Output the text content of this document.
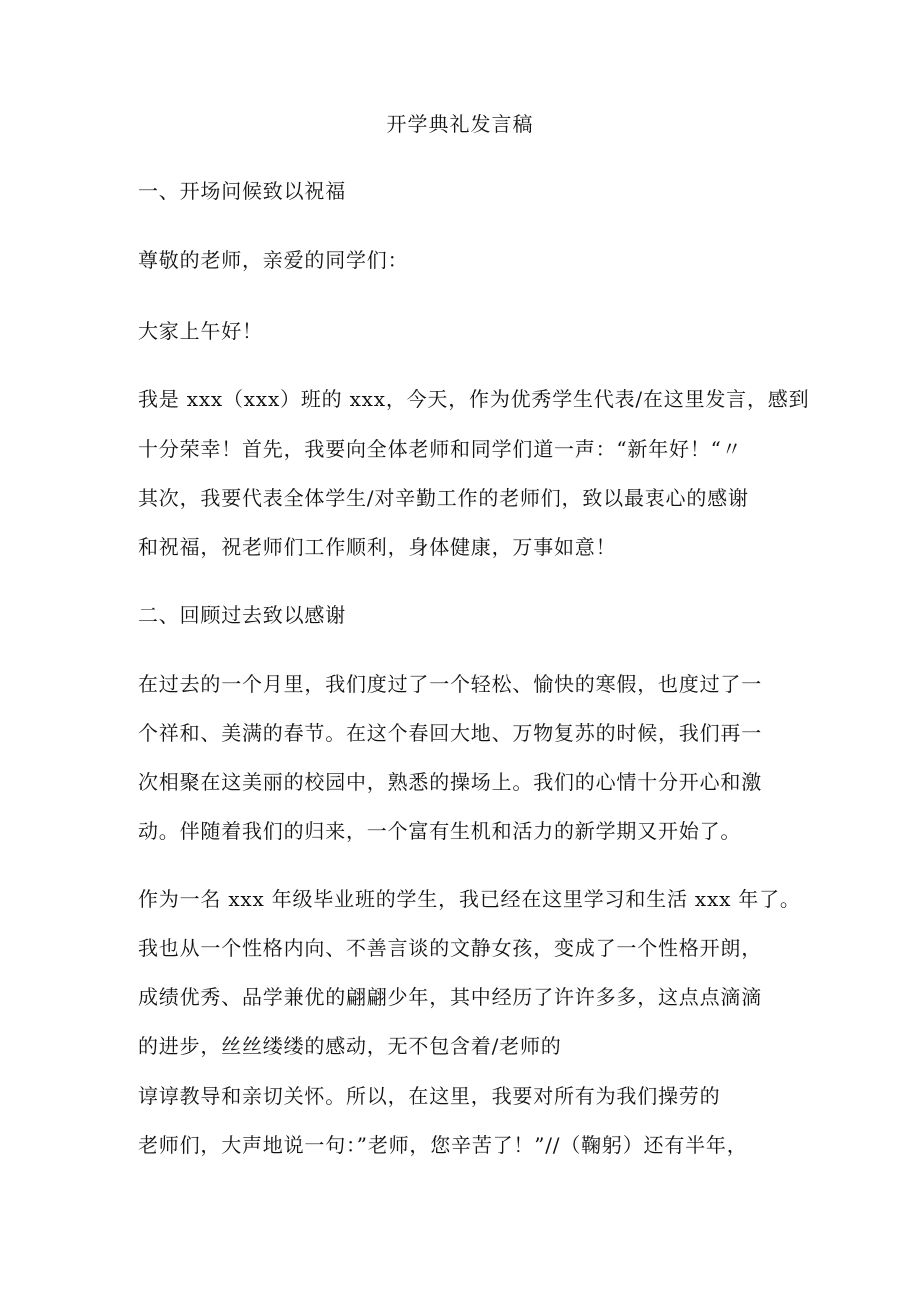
开学典礼发言稿
一、开场问候致以祝福
尊敬的老师，亲爱的同学们：
大家上午好！
我是 xxx（xxx）班的 xxx，今天，作为优秀学生代表/在这里发言，感到
十分荣幸！首先，我要向全体老师和同学们道一声：“新年好！“〃
其次，我要代表全体学生/对辛勤工作的老师们，致以最衷心的感谢
和祝福，祝老师们工作顺利，身体健康，万事如意！
二、回顾过去致以感谢
在过去的一个月里，我们度过了一个轻松、愉快的寒假，也度过了一
个祥和、美满的春节。在这个春回大地、万物复苏的时候，我们再一
次相聚在这美丽的校园中，熟悉的操场上。我们的心情十分开心和激
动。伴随着我们的归来，一个富有生机和活力的新学期又开始了。
作为一名 xxx 年级毕业班的学生，我已经在这里学习和生活 xxx 年了。
我也从一个性格内向、不善言谈的文静女孩，变成了一个性格开朗，
成绩优秀、品学兼优的翩翩少年，其中经历了许许多多，这点点滴滴
的进步，丝丝缕缕的感动，无不包含着/老师的
谆谆教导和亲切关怀。所以，在这里，我要对所有为我们操劳的
老师们，大声地说一句：”老师，您辛苦了！”//（鞠躬）还有半年，
